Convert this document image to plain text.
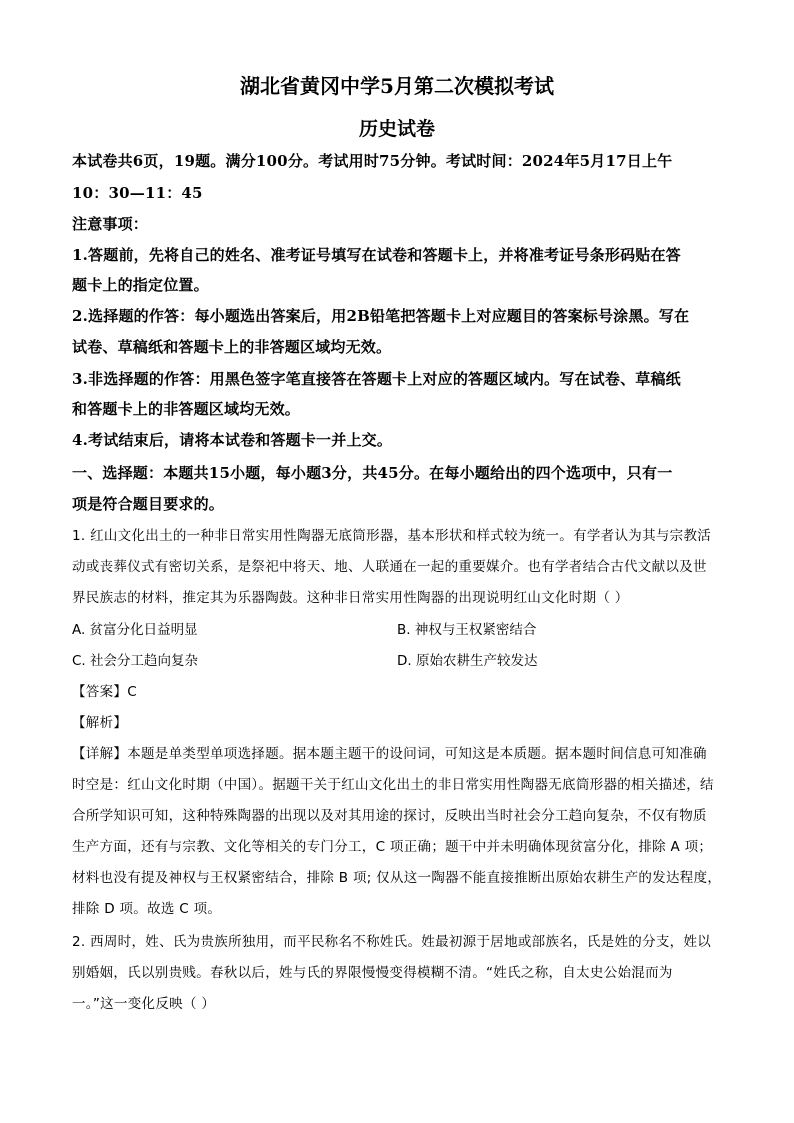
湖北省黄冈中学5月第二次模拟考试
历史试卷
本试卷共6页，19题。满分100分。考试用时75分钟。考试时间：2024年5月17日上午
10：30—11：45
注意事项：
1.答题前，先将自己的姓名、准考证号填写在试卷和答题卡上，并将准考证号条形码贴在答
题卡上的指定位置。
2.选择题的作答：每小题选出答案后，用2B铅笔把答题卡上对应题目的答案标号涂黑。写在
试卷、草稿纸和答题卡上的非答题区域均无效。
3.非选择题的作答：用黑色签字笔直接答在答题卡上对应的答题区域内。写在试卷、草稿纸
和答题卡上的非答题区域均无效。
4.考试结束后，请将本试卷和答题卡一并上交。
一、选择题：本题共15小题，每小题3分，共45分。在每小题给出的四个选项中，只有一
项是符合题目要求的。
1. 红山文化出土的一种非日常实用性陶器无底筒形器，基本形状和样式较为统一。有学者认为其与宗教活
动或丧葬仪式有密切关系，是祭祀中将天、地、人联通在一起的重要媒介。也有学者结合古代文献以及世
界民族志的材料，推定其为乐器陶鼓。这种非日常实用性陶器的出现说明红山文化时期（ ）
A. 贫富分化日益明显	B. 神权与王权紧密结合
C. 社会分工趋向复杂	D. 原始农耕生产较发达
【答案】C
【解析】
【详解】本题是单类型单项选择题。据本题主题干的设问词，可知这是本质题。据本题时间信息可知准确
时空是：红山文化时期（中国）。据题干关于红山文化出土的非日常实用性陶器无底筒形器的相关描述，结
合所学知识可知，这种特殊陶器的出现以及对其用途的探讨，反映出当时社会分工趋向复杂，不仅有物质
生产方面，还有与宗教、文化等相关的专门分工，C 项正确；题干中并未明确体现贫富分化，排除 A 项；
材料也没有提及神权与王权紧密结合，排除 B 项; 仅从这一陶器不能直接推断出原始农耕生产的发达程度，
排除 D 项。故选 C 项。
2. 西周时，姓、氏为贵族所独用，而平民称名不称姓氏。姓最初源于居地或部族名，氏是姓的分支，姓以
别婚姻，氏以别贵贱。春秋以后，姓与氏的界限慢慢变得模糊不清。“姓氏之称，自太史公始混而为
一。”这一变化反映（ ）
